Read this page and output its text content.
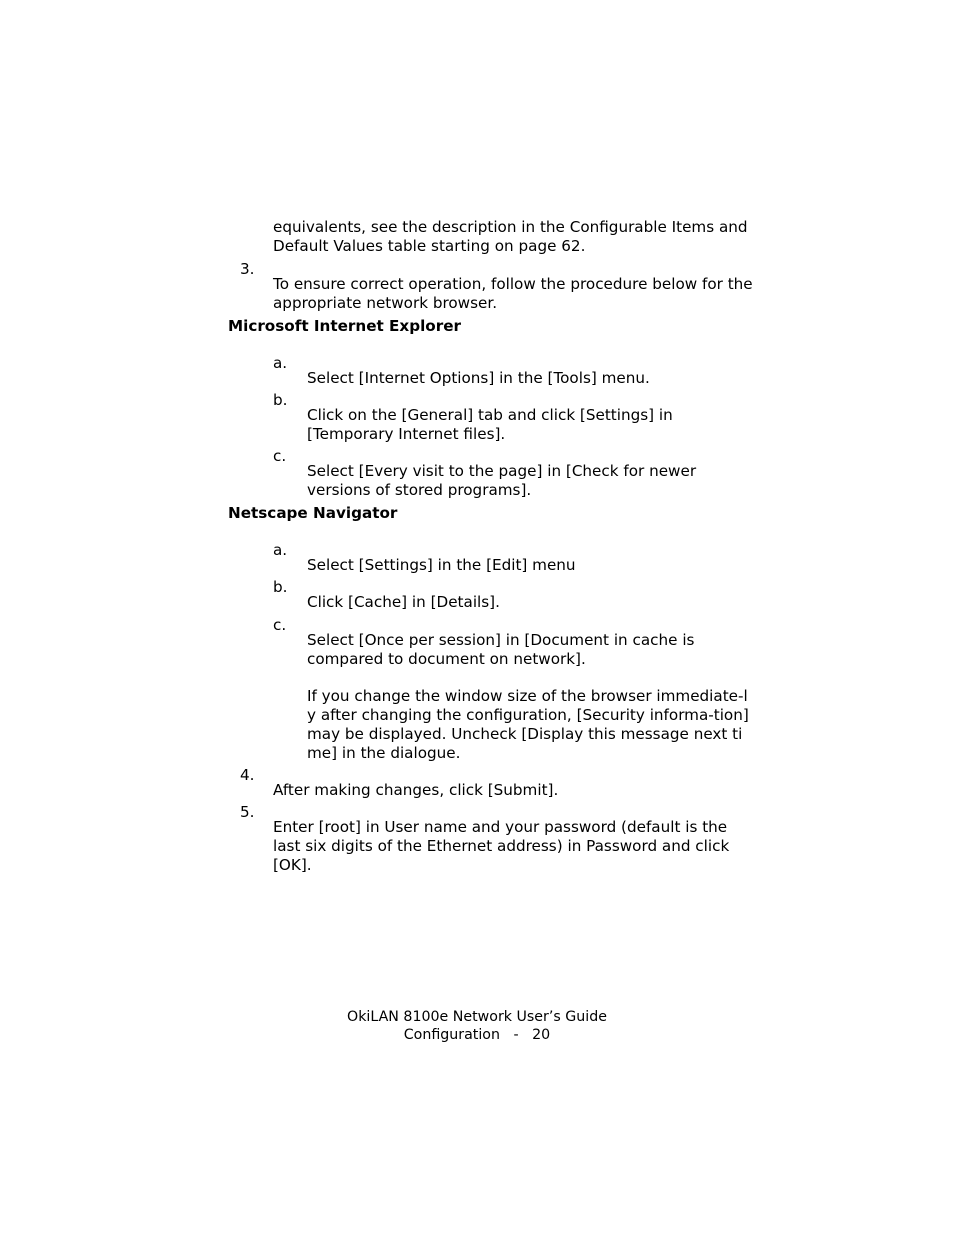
equivalents, see the description in the Configurable Items and Default Values table starting on page 62.

3.

To ensure correct operation, follow the procedure below for the appropriate network browser.

Microsoft Internet Explorer
a.

Select [Internet Options] in the [Tools] menu.

b.

Click on the [General] tab and click [Settings] in [Temporary Internet files].

c.

Select [Every visit to the page] in [Check for newer versions of stored programs].

Netscape Navigator
a.

Select [Settings] in the [Edit] menu

b.

Click [Cache] in [Details].

c.

Select [Once per session] in [Document in cache is compared to document on network].

If you change the window size of the browser immediate-ly after changing the configuration, [Security informa-tion] may be displayed. Uncheck [Display this message next time] in the dialogue.

4.

After making changes, click [Submit].

5.

Enter [root] in User name and your password (default is the last six digits of the Ethernet address) in Password and click [OK].

OkiLAN 8100e Network User’s Guide
Configuration   -   20
